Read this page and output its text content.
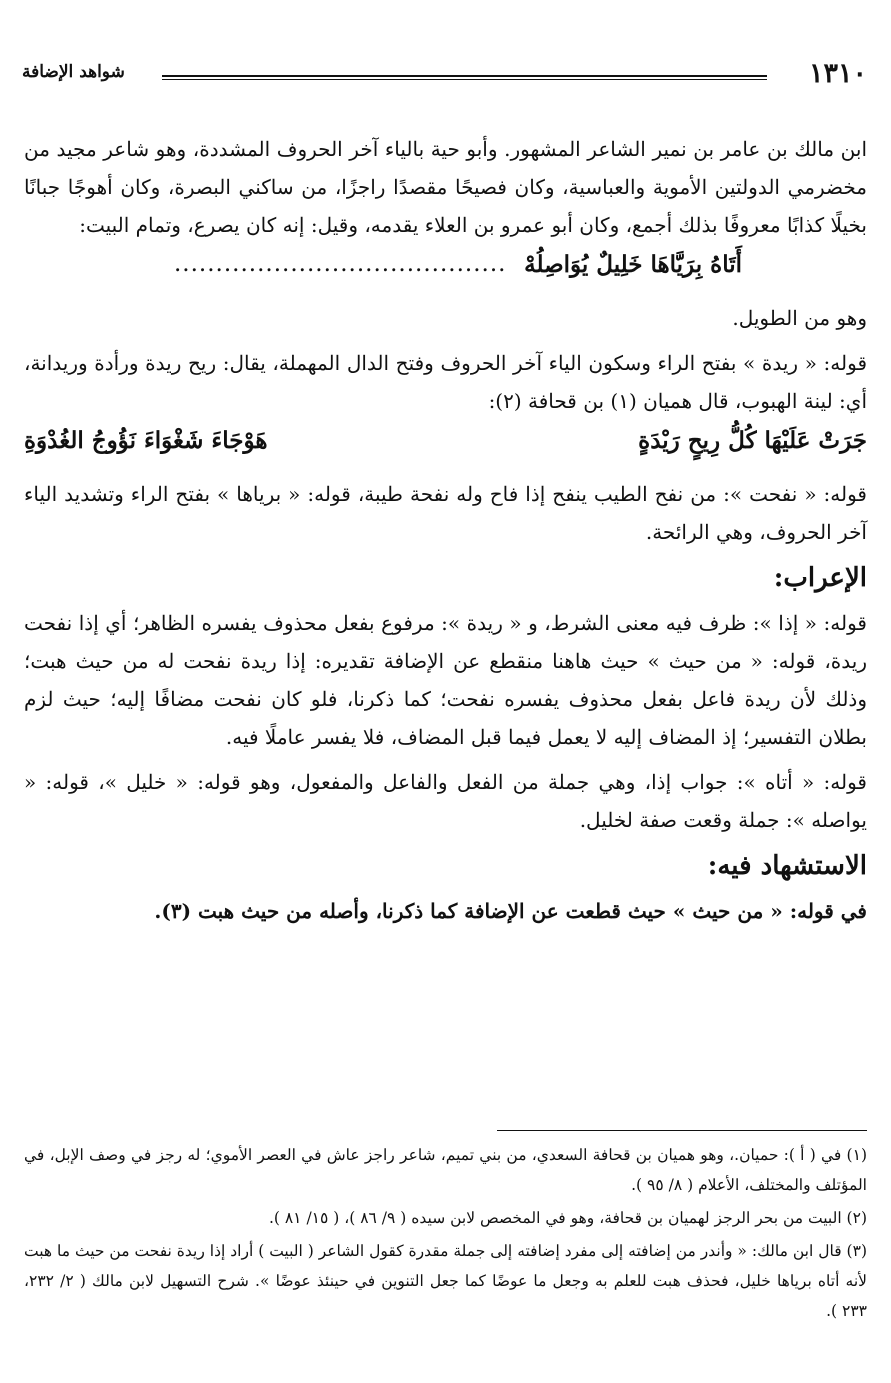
١٣١٠
شواهد الإضافة

ابن مالك بن عامر بن نمير الشاعر المشهور. وأبو حية بالياء آخر الحروف المشددة، وهو شاعر مجيد من مخضرمي الدولتين الأموية والعباسية، وكان فصيحًا مقصدًا راجزًا، من ساكني البصرة، وكان أهوجًا جبانًا بخيلًا كذابًا معروفًا بذلك أجمع، وكان أبو عمرو بن العلاء يقدمه، وقيل: إنه كان يصرع، وتمام البيت:

أَتَاهُ بِرَيَّاهَا خَلِيلٌ يُوَاصِلُهْ
........................................

وهو من الطويل.

قوله: « ريدة » بفتح الراء وسكون الياء آخر الحروف وفتح الدال المهملة، يقال: ريح ريدة ورأدة وريدانة، أي: لينة الهبوب، قال هميان (١) بن قحافة (٢):

جَرَتْ عَلَيْهَا كُلُّ رِيحٍ رَيْدَةٍ
هَوْجَاءَ شَغْوَاءَ نَؤُوجُ الغُدْوَةِ

قوله: « نفحت »: من نفح الطيب ينفح إذا فاح وله نفحة طيبة، قوله: « برياها » بفتح الراء وتشديد الياء آخر الحروف، وهي الرائحة.

الإعراب:

قوله: « إذا »: ظرف فيه معنى الشرط، و « ريدة »: مرفوع بفعل محذوف يفسره الظاهر؛ أي إذا نفحت ريدة، قوله: « من حيث » حيث هاهنا منقطع عن الإضافة تقديره: إذا ريدة نفحت له من حيث هبت؛ وذلك لأن ريدة فاعل بفعل محذوف يفسره نفحت؛ كما ذكرنا، فلو كان نفحت مضافًا إليه؛ حيث لزم بطلان التفسير؛ إذ المضاف إليه لا يعمل فيما قبل المضاف، فلا يفسر عاملًا فيه.

قوله: « أتاه »: جواب إذا، وهي جملة من الفعل والفاعل والمفعول، وهو قوله: « خليل »، قوله: « يواصله »: جملة وقعت صفة لخليل.

الاستشهاد فيه:

في قوله: « من حيث » حيث قطعت عن الإضافة كما ذكرنا، وأصله من حيث هبت (٣).

(١) في ( أ ): حميان.، وهو هميان بن قحافة السعدي، من بني تميم، شاعر راجز عاش في العصر الأموي؛ له رجز في وصف الإبل، في المؤتلف والمختلف، الأعلام ( ٨/ ٩٥ ).

(٢) البيت من بحر الرجز لهميان بن قحافة، وهو في المخصص لابن سيده ( ٩/ ٨٦ )، ( ١٥/ ٨١ ).

(٣) قال ابن مالك: « وأندر من إضافته إلى مفرد إضافته إلى جملة مقدرة كقول الشاعر ( البيت ) أراد إذا ريدة نفحت من حيث ما هبت لأنه أتاه برياها خليل، فحذف هبت للعلم به وجعل ما عوضًا كما جعل التنوين في حينئذ عوضًا ». شرح التسهيل لابن مالك ( ٢/ ٢٣٢، ٢٣٣ ).
